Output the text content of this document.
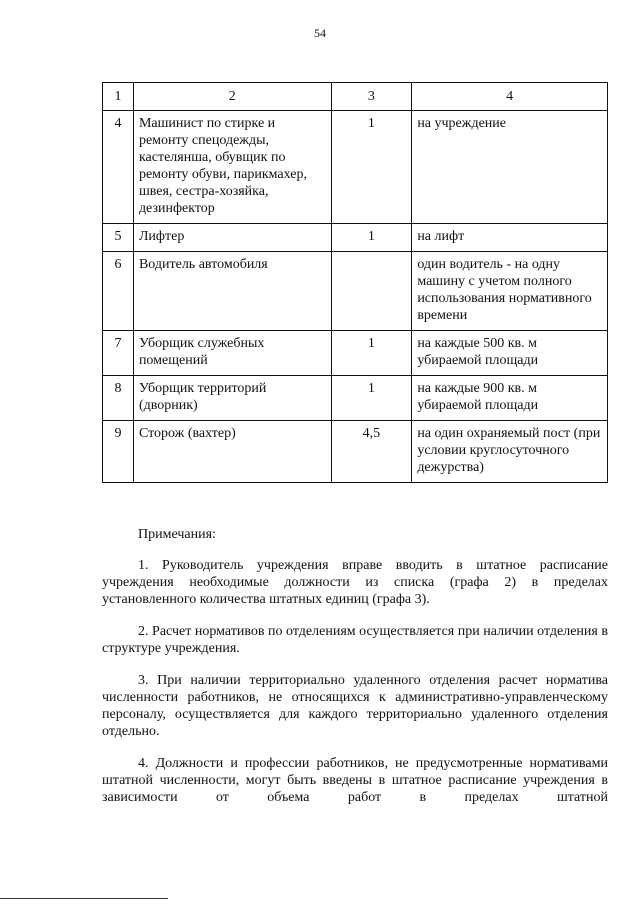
54
1	2	3	4
4	Машинист по стирке и ремонту спецодежды, кастелянша, обувщик по ремонту обуви, парикмахер, швея, сестра-хозяйка, дезинфектор	1	на учреждение
5	Лифтер	1	на лифт
6	Водитель автомобиля		один водитель - на одну машину с учетом полного использования нормативного времени
7	Уборщик служебных помещений	1	на каждые 500 кв. м убираемой площади
8	Уборщик территорий (дворник)	1	на каждые 900 кв. м убираемой площади
9	Сторож (вахтер)	4,5	на один охраняемый пост (при условии круглосуточного дежурства)

Примечания:

1. Руководитель учреждения вправе вводить в штатное расписание учреждения необходимые должности из списка (графа 2) в пределах установленного количества штатных единиц (графа 3).

2. Расчет нормативов по отделениям осуществляется при наличии отделения в структуре учреждения.

3. При наличии территориально удаленного отделения расчет норматива численности работников, не относящихся к административно-управленческому персоналу, осуществляется для каждого территориально удаленного отделения отдельно.

4. Должности и профессии работников, не предусмотренные нормативами штатной численности, могут быть введены в штатное расписание учреждения в зависимости от объема работ в пределах штатной
